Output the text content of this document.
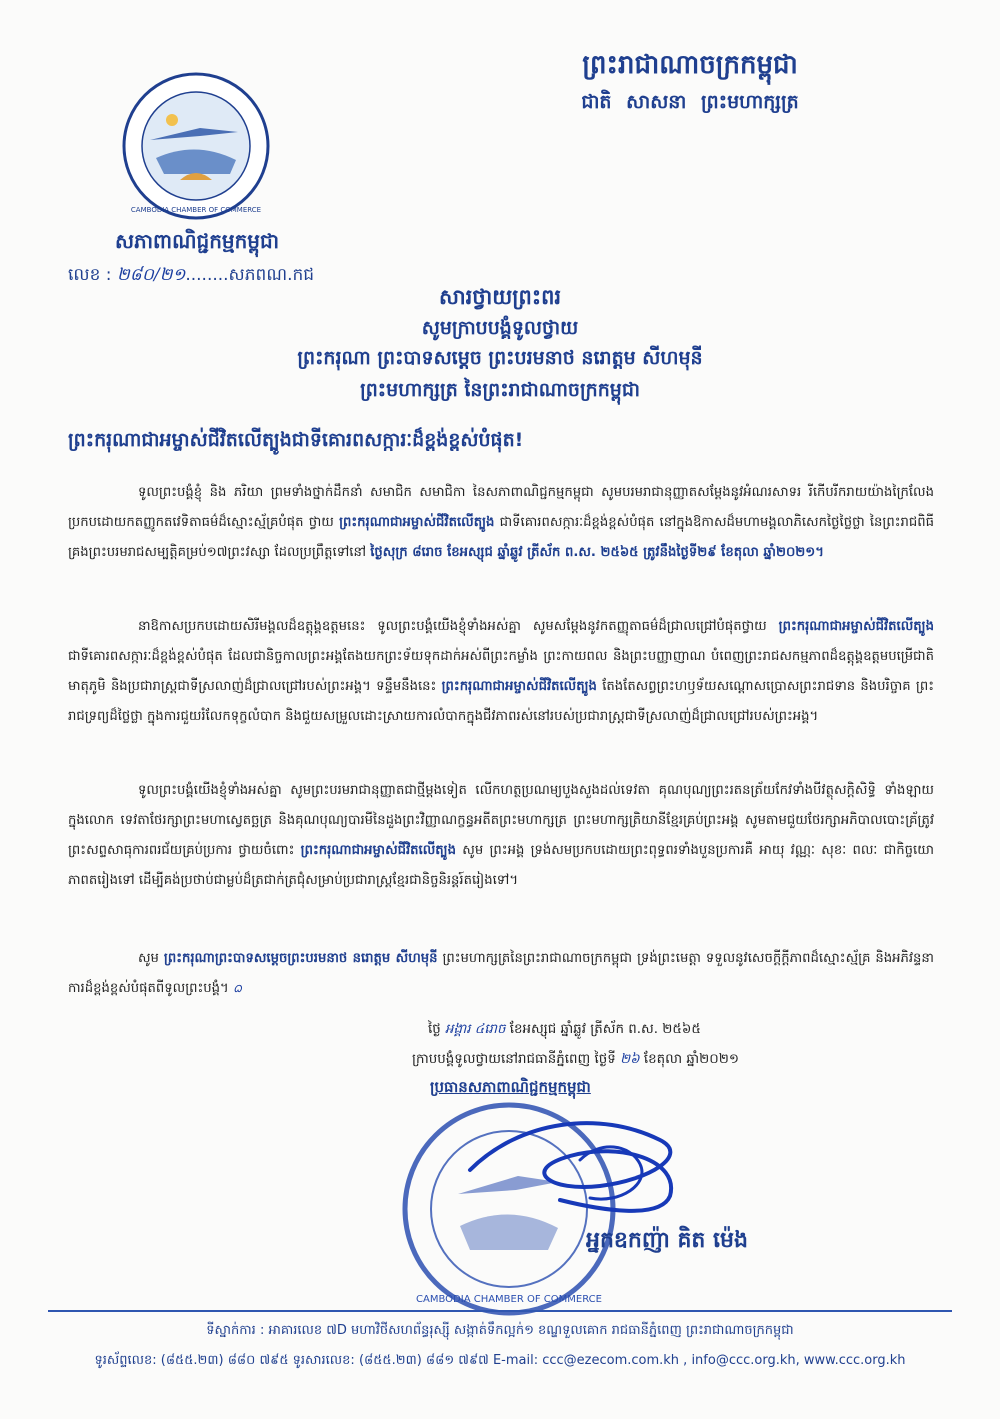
CAMBODIA CHAMBER OF COMMERCE
សភាពាណិជ្ជកម្មកម្ពុជា
លេខ : ២៨០/២១........សភពណ.កជ
ព្រះរាជាណាចក្រកម្ពុជា
ជាតិ សាសនា ព្រះមហាក្សត្រ
សារថ្វាយព្រះពរ
សូមក្រាបបង្គំទូលថ្វាយ
ព្រះករុណា ព្រះបាទសម្តេច ព្រះបរមនាថ នរោត្តម សីហមុនី
ព្រះមហាក្សត្រ នៃព្រះរាជាណាចក្រកម្ពុជា
ព្រះករុណាជាអម្ចាស់ជីវិតលើត្បូងជាទីគោរពសក្ការៈដ៏ខ្ពង់ខ្ពស់បំផុត!
ទូលព្រះបង្គំខ្ញុំ និង ភរិយា ព្រមទាំងថ្នាក់ដឹកនាំ សមាជិក សមាជិកា នៃសភាពាណិជ្ជកម្មកម្ពុជា សូមបរមរាជានុញ្ញាតសម្ដែងនូវអំណរសាទរ រីកើបរីករាយយ៉ាងក្រៃលែង ប្រកបដោយកតញ្ញូកតវេទិតាធម៌ដ៏ស្មោះស្ម័គ្របំផុត ថ្វាយ ព្រះករុណាជាអម្ចាស់ជីវិតលើត្បូង ជាទីគោរពសក្ការៈដ៏ខ្ពង់ខ្ពស់បំផុត នៅក្នុងឱកាសដ៏មហាមង្គលាភិសេកថ្ងៃថ្លៃថ្លា នៃព្រះរាជពិធីគ្រងព្រះបរមរាជសម្បត្តិគម្រប់១៧ព្រះវស្សា ដែលប្រព្រឹត្តទៅនៅ ថ្ងៃសុក្រ ៨រោច ខែអស្សុជ ឆ្នាំឆ្លូវ ត្រីស័ក ព.ស. ២៥៦៥ ត្រូវនឹងថ្ងៃទី២៩ ខែតុលា ឆ្នាំ២០២១។
នាឱកាសប្រកបដោយសិរីមង្គលដ៏ឧត្ដុង្គឧត្ដមនេះ ទូលព្រះបង្គំយើងខ្ញុំទាំងអស់គ្នា សូមសម្ដែងនូវកតញ្ញុតាធម៌ដ៏ជ្រាលជ្រៅបំផុតថ្វាយ ព្រះករុណាជាអម្ចាស់ជីវិតលើត្បូង ជាទីគោរពសក្ការៈដ៏ខ្ពង់ខ្ពស់បំផុត ដែលជានិច្ចកាលព្រះអង្គតែងយកព្រះទ័យទុកដាក់អស់ពីព្រះកម្លាំង ព្រះកាយពល និងព្រះបញ្ញាញាណ បំពេញព្រះរាជសកម្មភាពដ៏ឧត្ដុង្គឧត្ដមបម្រើជាតិមាតុភូមិ និងប្រជារាស្ត្រជាទីស្រលាញ់ដ៏ជ្រាលជ្រៅរបស់ព្រះអង្គ។ ទន្ទឹមនឹងនេះ ព្រះករុណាជាអម្ចាស់ជីវិតលើត្បូង តែងតែសព្វព្រះហឫទ័យសណ្ដោសប្រោសព្រះរាជទាន និងបរិច្ចាគ ព្រះរាជទ្រព្យដ៏ថ្លៃថ្លា ក្នុងការជួយរំលែកទុក្ខលំបាក និងជួយសម្រួលដោះស្រាយការលំបាកក្នុងជីវភាពរស់នៅរបស់ប្រជារាស្ត្រជាទីស្រលាញ់ដ៏ជ្រាលជ្រៅរបស់ព្រះអង្គ។
ទូលព្រះបង្គំយើងខ្ញុំទាំងអស់គ្នា សូមព្រះបរមរាជានុញ្ញាតជាថ្មីម្ដងទៀត លើកហត្ថប្រណម្យបួងសួងដល់ទេវតា គុណបុណ្យព្រះរតនត្រ័យកែវទាំងបីវត្ថុសក្ដិសិទ្ធិ ទាំងឡាយ ក្នុងលោក ទេវតាថែរក្សាព្រះមហាស្វេតច្ឆត្រ និងគុណបុណ្យបារមីនៃដួងព្រះវិញ្ញាណក្ខន្ធអតីតព្រះមហាក្សត្រ ព្រះមហាក្សត្រិយានីខ្មែរគ្រប់ព្រះអង្គ សូមតាមជួយថែរក្សាអភិបាលបោះគ្រ័ត្រូវ ព្រះសព្ទសាធុការពរជ័យគ្រប់ប្រការ ថ្វាយចំពោះ ព្រះករុណាជាអម្ចាស់ជីវិតលើត្បូង សូម ព្រះអង្គ ទ្រង់សមប្រកបដោយព្រះពុទ្ធពរទាំងបួនប្រការគឺ អាយុ វណ្ណៈ សុខៈ ពលៈ ជាកិច្ចយោភាពតរៀងទៅ ដើម្បីគង់ប្រថាប់ជាម្លប់ដ៏ត្រជាក់ត្រជុំសម្រាប់ប្រជារាស្ត្រខ្មែរជានិច្ចនិរន្តរ៍តរៀងទៅ។
សូម ព្រះករុណាព្រះបាទសម្ដេចព្រះបរមនាថ នរោត្តម សីហមុនី ព្រះមហាក្សត្រនៃព្រះរាជាណាចក្រកម្ពុជា ទ្រង់ព្រះមេត្តា ទទួលនូវសេចក្ដីក្ដីភាពដ៏ស្មោះស្ម័គ្រ និងអភិវន្ទនាការដ៏ខ្ពង់ខ្ពស់បំផុតពីទូលព្រះបង្គំ។ ᨵ
ថ្ងៃ អង្គារ ៤រោច ខែអស្សុជ ឆ្នាំឆ្លូវ ត្រីស័ក ព.ស. ២៥៦៥
ក្រាបបង្គំទូលថ្វាយនៅរាជធានីភ្នំពេញ ថ្ងៃទី ២៦ ខែតុលា ឆ្នាំ២០២១
ប្រធានសភាពាណិជ្ជកម្មកម្ពុជា
CAMBODIA CHAMBER OF COMMERCE
អ្នកឧកញ៉ា គិត ម៉េង
ទីស្នាក់ការ : អាគារលេខ ៧D មហាវិថីសហព័ន្ធរុស្ស៊ី សង្កាត់ទឹកល្អក់១ ខណ្ឌទួលគោក រាជធានីភ្នំពេញ ព្រះរាជាណាចក្រកម្ពុជា
ទូរស័ព្ទលេខ: (៨៥៥.២៣) ៨៨០ ៧៩៥ ទូរសារលេខ: (៨៥៥.២៣) ៨៨១ ៧៩៧ E-mail: ccc@ezecom.com.kh , info@ccc.org.kh, www.ccc.org.kh
